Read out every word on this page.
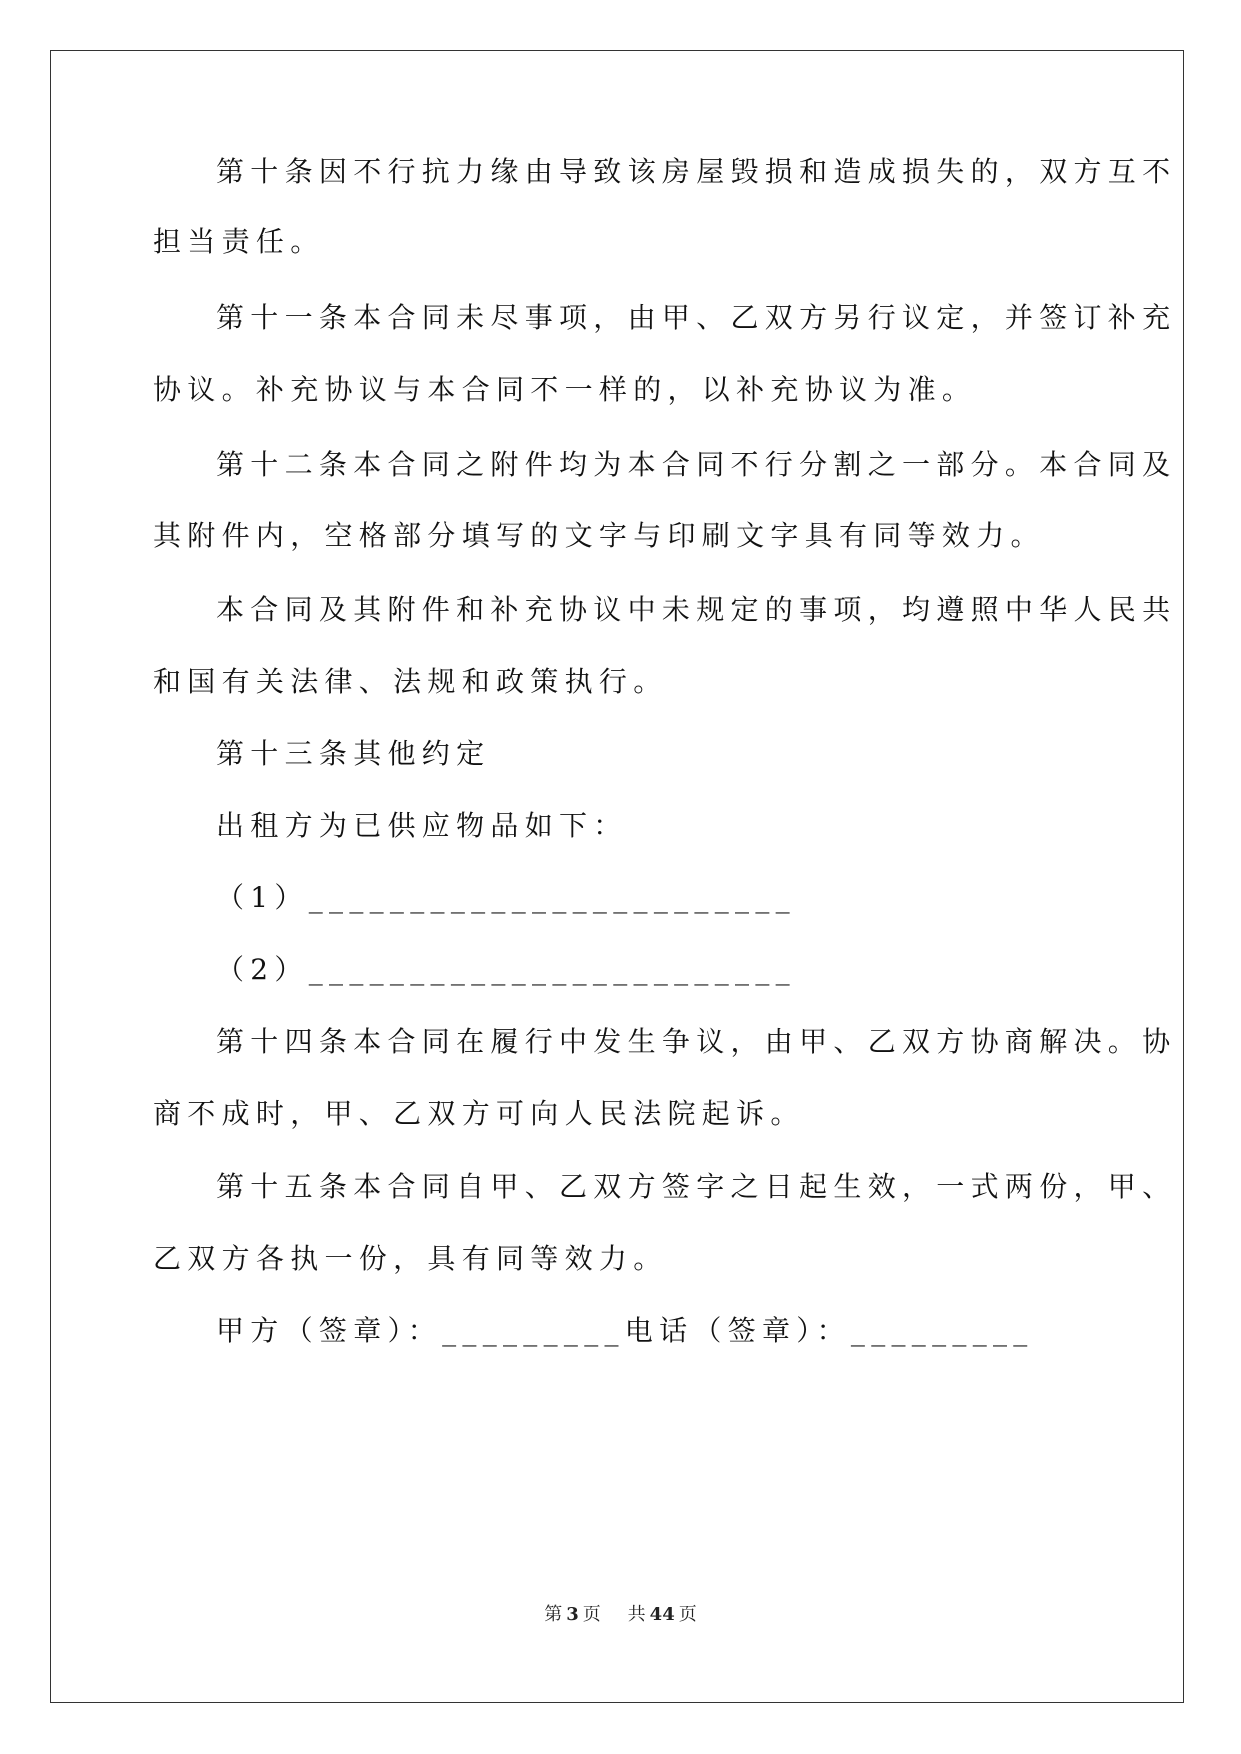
第十条因不行抗力缘由导致该房屋毁损和造成损失的，双方互不
担当责任。
第十一条本合同未尽事项，由甲、乙双方另行议定，并签订补充
协议。补充协议与本合同不一样的，以补充协议为准。
第十二条本合同之附件均为本合同不行分割之一部分。本合同及
其附件内，空格部分填写的文字与印刷文字具有同等效力。
本合同及其附件和补充协议中未规定的事项，均遵照中华人民共
和国有关法律、法规和政策执行。
第十三条其他约定
出租方为已供应物品如下：
（1）________________________
（2）________________________
第十四条本合同在履行中发生争议，由甲、乙双方协商解决。协
商不成时，甲、乙双方可向人民法院起诉。
第十五条本合同自甲、乙双方签字之日起生效，一式两份，甲、
乙双方各执一份，具有同等效力。
甲方（签章）：_________电话（签章）：_________
第 3 页 共 44 页
